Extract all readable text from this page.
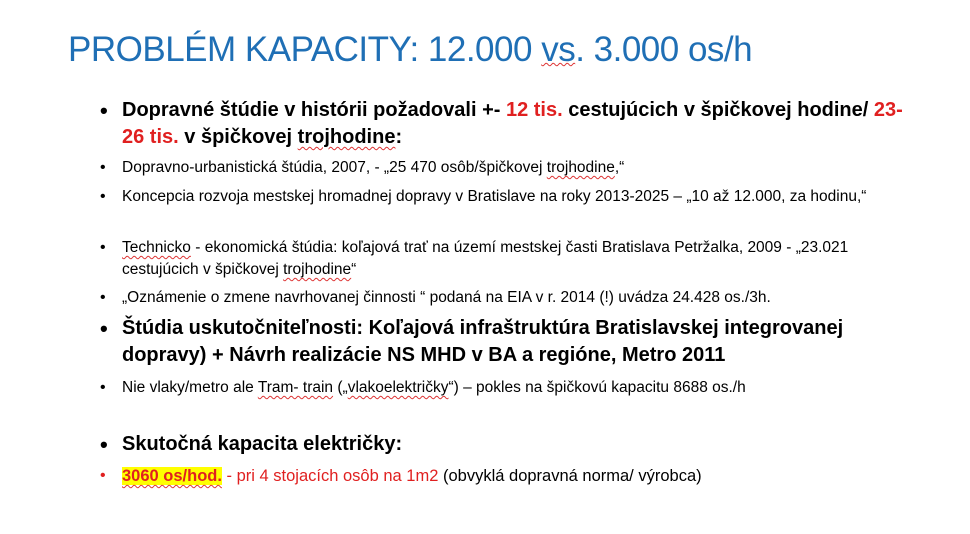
PROBLÉM KAPACITY: 12.000 vs. 3.000 os/h
• Dopravné štúdie v histórii požadovali +- 12 tis. cestujúcich v špičkovej hodine/ 23-26 tis. v špičkovej trojhodine:
• Dopravno-urbanistická štúdia, 2007, - „25 470 osôb/špičkovej trojhodine,“
• Koncepcia rozvoja mestskej hromadnej dopravy v Bratislave na roky 2013-2025 – „10 až 12.000, za hodinu,“
• Technicko - ekonomická štúdia: koľajová trať na území mestskej časti Bratislava Petržalka, 2009 - „23.021 cestujúcich v špičkovej trojhodine“
• „Oznámenie o zmene navrhovanej činnosti “ podaná na EIA v r. 2014 (!) uvádza 24.428 os./3h.
• Štúdia uskutočniteľnosti: Koľajová infraštruktúra Bratislavskej integrovanej dopravy) + Návrh realizácie NS MHD v BA a regióne, Metro 2011
• Nie vlaky/metro ale Tram- train („vlakoelektričky“) – pokles na špičkovú kapacitu 8688 os./h
• Skutočná kapacita električky:
• 3060 os/hod. - pri 4 stojacích osôb na 1m2 (obvyklá dopravná norma/ výrobca)
